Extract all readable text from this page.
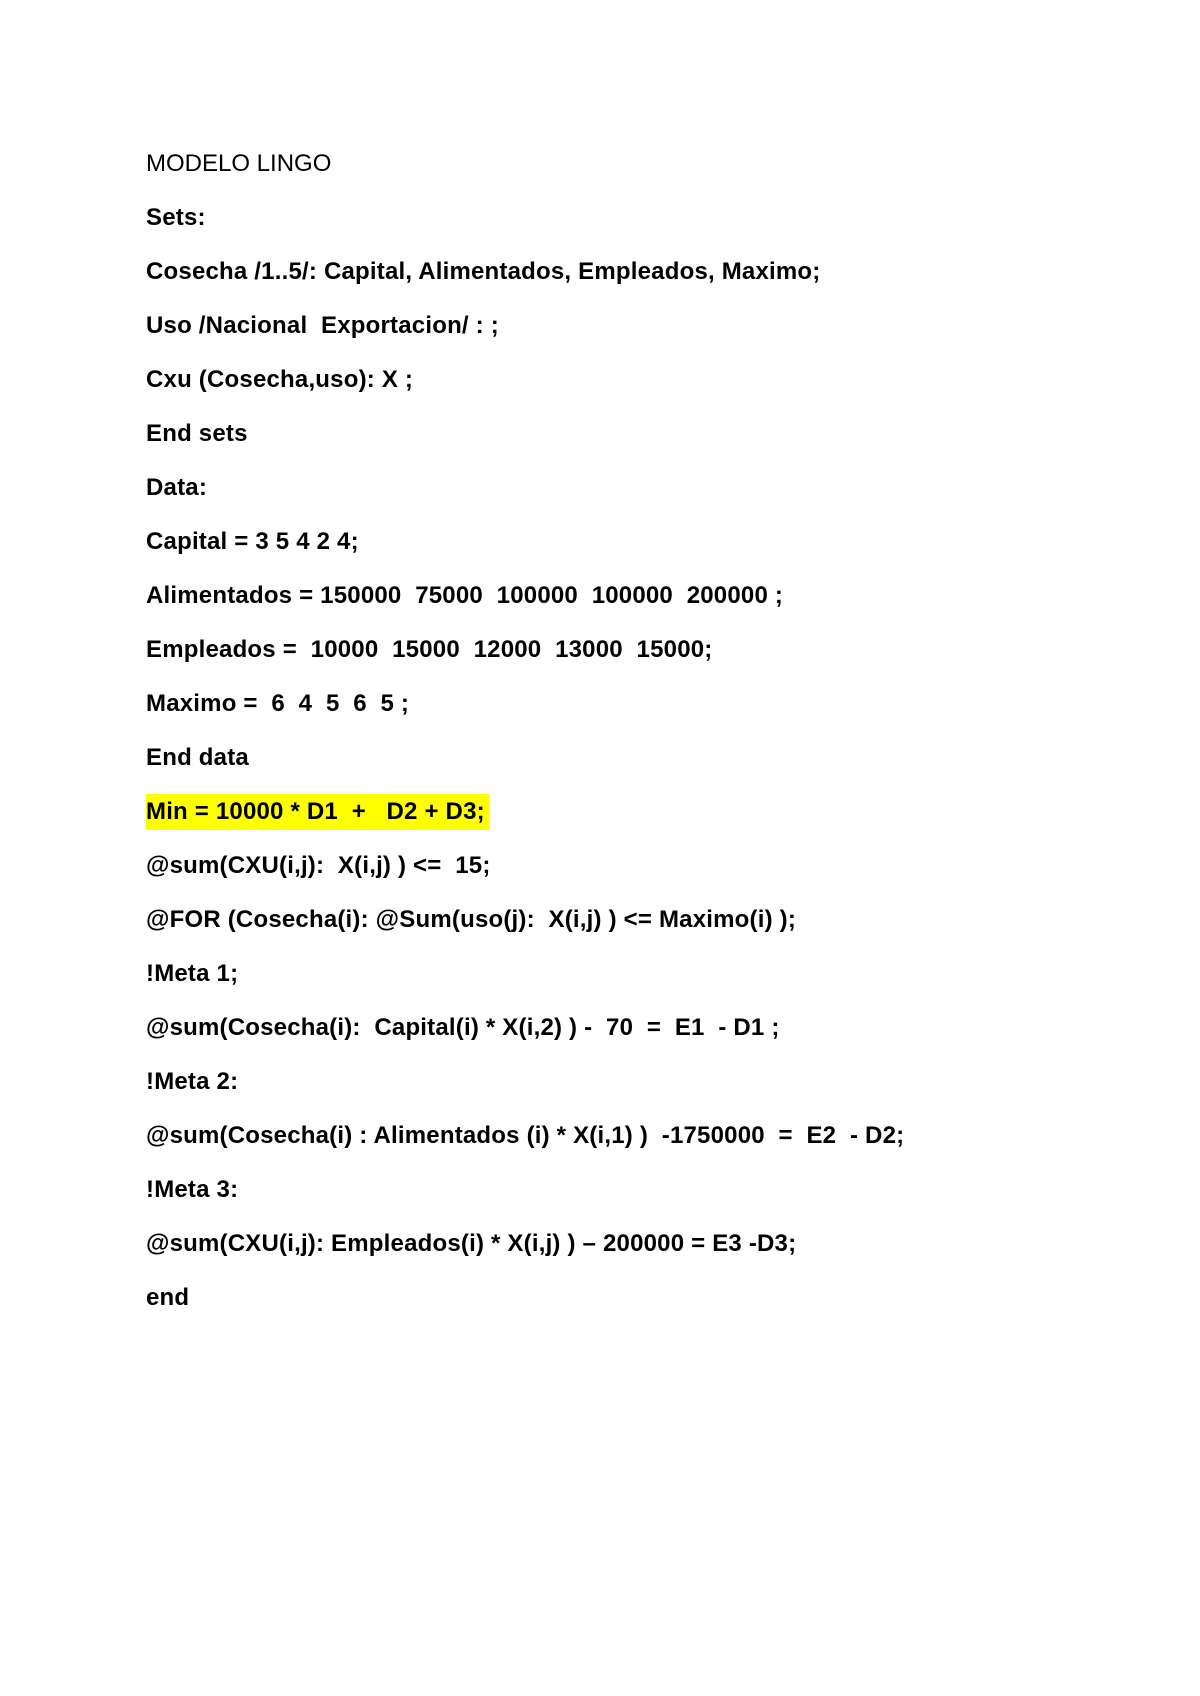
MODELO LINGO
Sets:
Cosecha /1..5/: Capital, Alimentados, Empleados, Maximo;
Uso /Nacional  Exportacion/ : ;
Cxu (Cosecha,uso): X ;
End sets
Data:
Capital = 3 5 4 2 4;
Alimentados = 150000  75000  100000  100000  200000 ;
Empleados =  10000  15000  12000  13000  15000;
Maximo =  6  4  5  6  5 ;
End data
Min = 10000 * D1  +   D2 + D3;
@sum(CXU(i,j):  X(i,j) ) <=  15;
@FOR (Cosecha(i): @Sum(uso(j):  X(i,j) ) <= Maximo(i) );
!Meta 1;
@sum(Cosecha(i):  Capital(i) * X(i,2) ) -  70  =  E1  - D1 ;
!Meta 2:
@sum(Cosecha(i) : Alimentados (i) * X(i,1) )  -1750000  =  E2  - D2;
!Meta 3:
@sum(CXU(i,j): Empleados(i) * X(i,j) ) – 200000 = E3 -D3;
end
